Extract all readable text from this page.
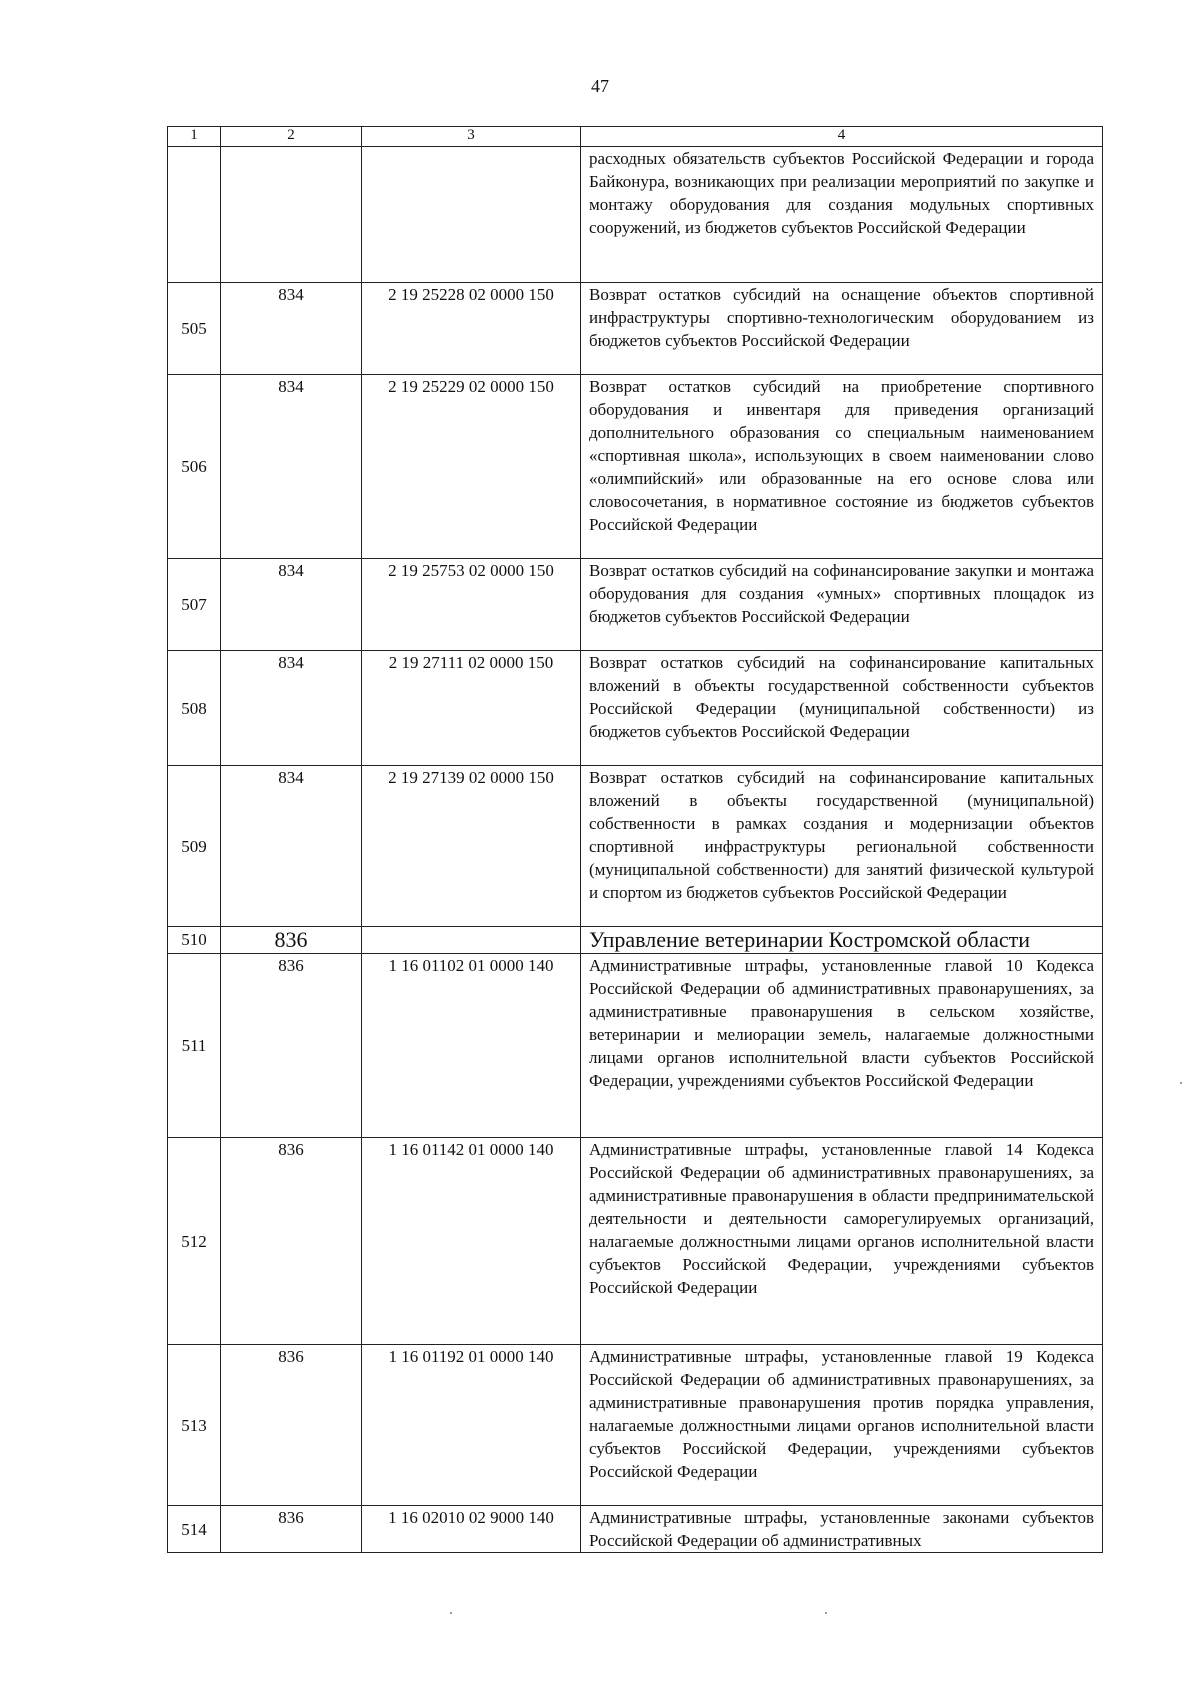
47
1	2	3	4
			расходных обязательств субъектов Российской Федерации и города Байконура, возникающих при реализации мероприятий по закупке и монтажу оборудования для создания модульных спортивных сооружений, из бюджетов субъектов Российской Федерации
505	834	2 19 25228 02 0000 150	Возврат остатков субсидий на оснащение объектов спортивной инфраструктуры спортивно-технологическим оборудованием из бюджетов субъектов Российской Федерации
506	834	2 19 25229 02 0000 150	Возврат остатков субсидий на приобретение спортивного оборудования и инвентаря для приведения организаций дополнительного образования со специальным наименованием «спортивная школа», использующих в своем наименовании слово «олимпийский» или образованные на его основе слова или словосочетания, в нормативное состояние из бюджетов субъектов Российской Федерации
507	834	2 19 25753 02 0000 150	Возврат остатков субсидий на софинансирование закупки и монтажа оборудования для создания «умных» спортивных площадок из бюджетов субъектов Российской Федерации
508	834	2 19 27111 02 0000 150	Возврат остатков субсидий на софинансирование капитальных вложений в объекты государственной собственности субъектов Российской Федерации (муниципальной собственности) из бюджетов субъектов Российской Федерации
509	834	2 19 27139 02 0000 150	Возврат остатков субсидий на софинансирование капитальных вложений в объекты государственной (муниципальной) собственности в рамках создания и модернизации объектов спортивной инфраструктуры региональной собственности (муниципальной собственности) для занятий физической культурой и спортом из бюджетов субъектов Российской Федерации
510	836		Управление ветеринарии Костромской области
511	836	1 16 01102 01 0000 140	Административные штрафы, установленные главой 10 Кодекса Российской Федерации об административных правонарушениях, за административные правонарушения в сельском хозяйстве, ветеринарии и мелиорации земель, налагаемые должностными лицами органов исполнительной власти субъектов Российской Федерации, учреждениями субъектов Российской Федерации
512	836	1 16 01142 01 0000 140	Административные штрафы, установленные главой 14 Кодекса Российской Федерации об административных правонарушениях, за административные правонарушения в области предпринимательской деятельности и деятельности саморегулируемых организаций, налагаемые должностными лицами органов исполнительной власти субъектов Российской Федерации, учреждениями субъектов Российской Федерации
513	836	1 16 01192 01 0000 140	Административные штрафы, установленные главой 19 Кодекса Российской Федерации об административных правонарушениях, за административные правонарушения против порядка управления, налагаемые должностными лицами органов исполнительной власти субъектов Российской Федерации, учреждениями субъектов Российской Федерации
514	836	1 16 02010 02 9000 140	Административные штрафы, установленные законами субъектов Российской Федерации об административных
